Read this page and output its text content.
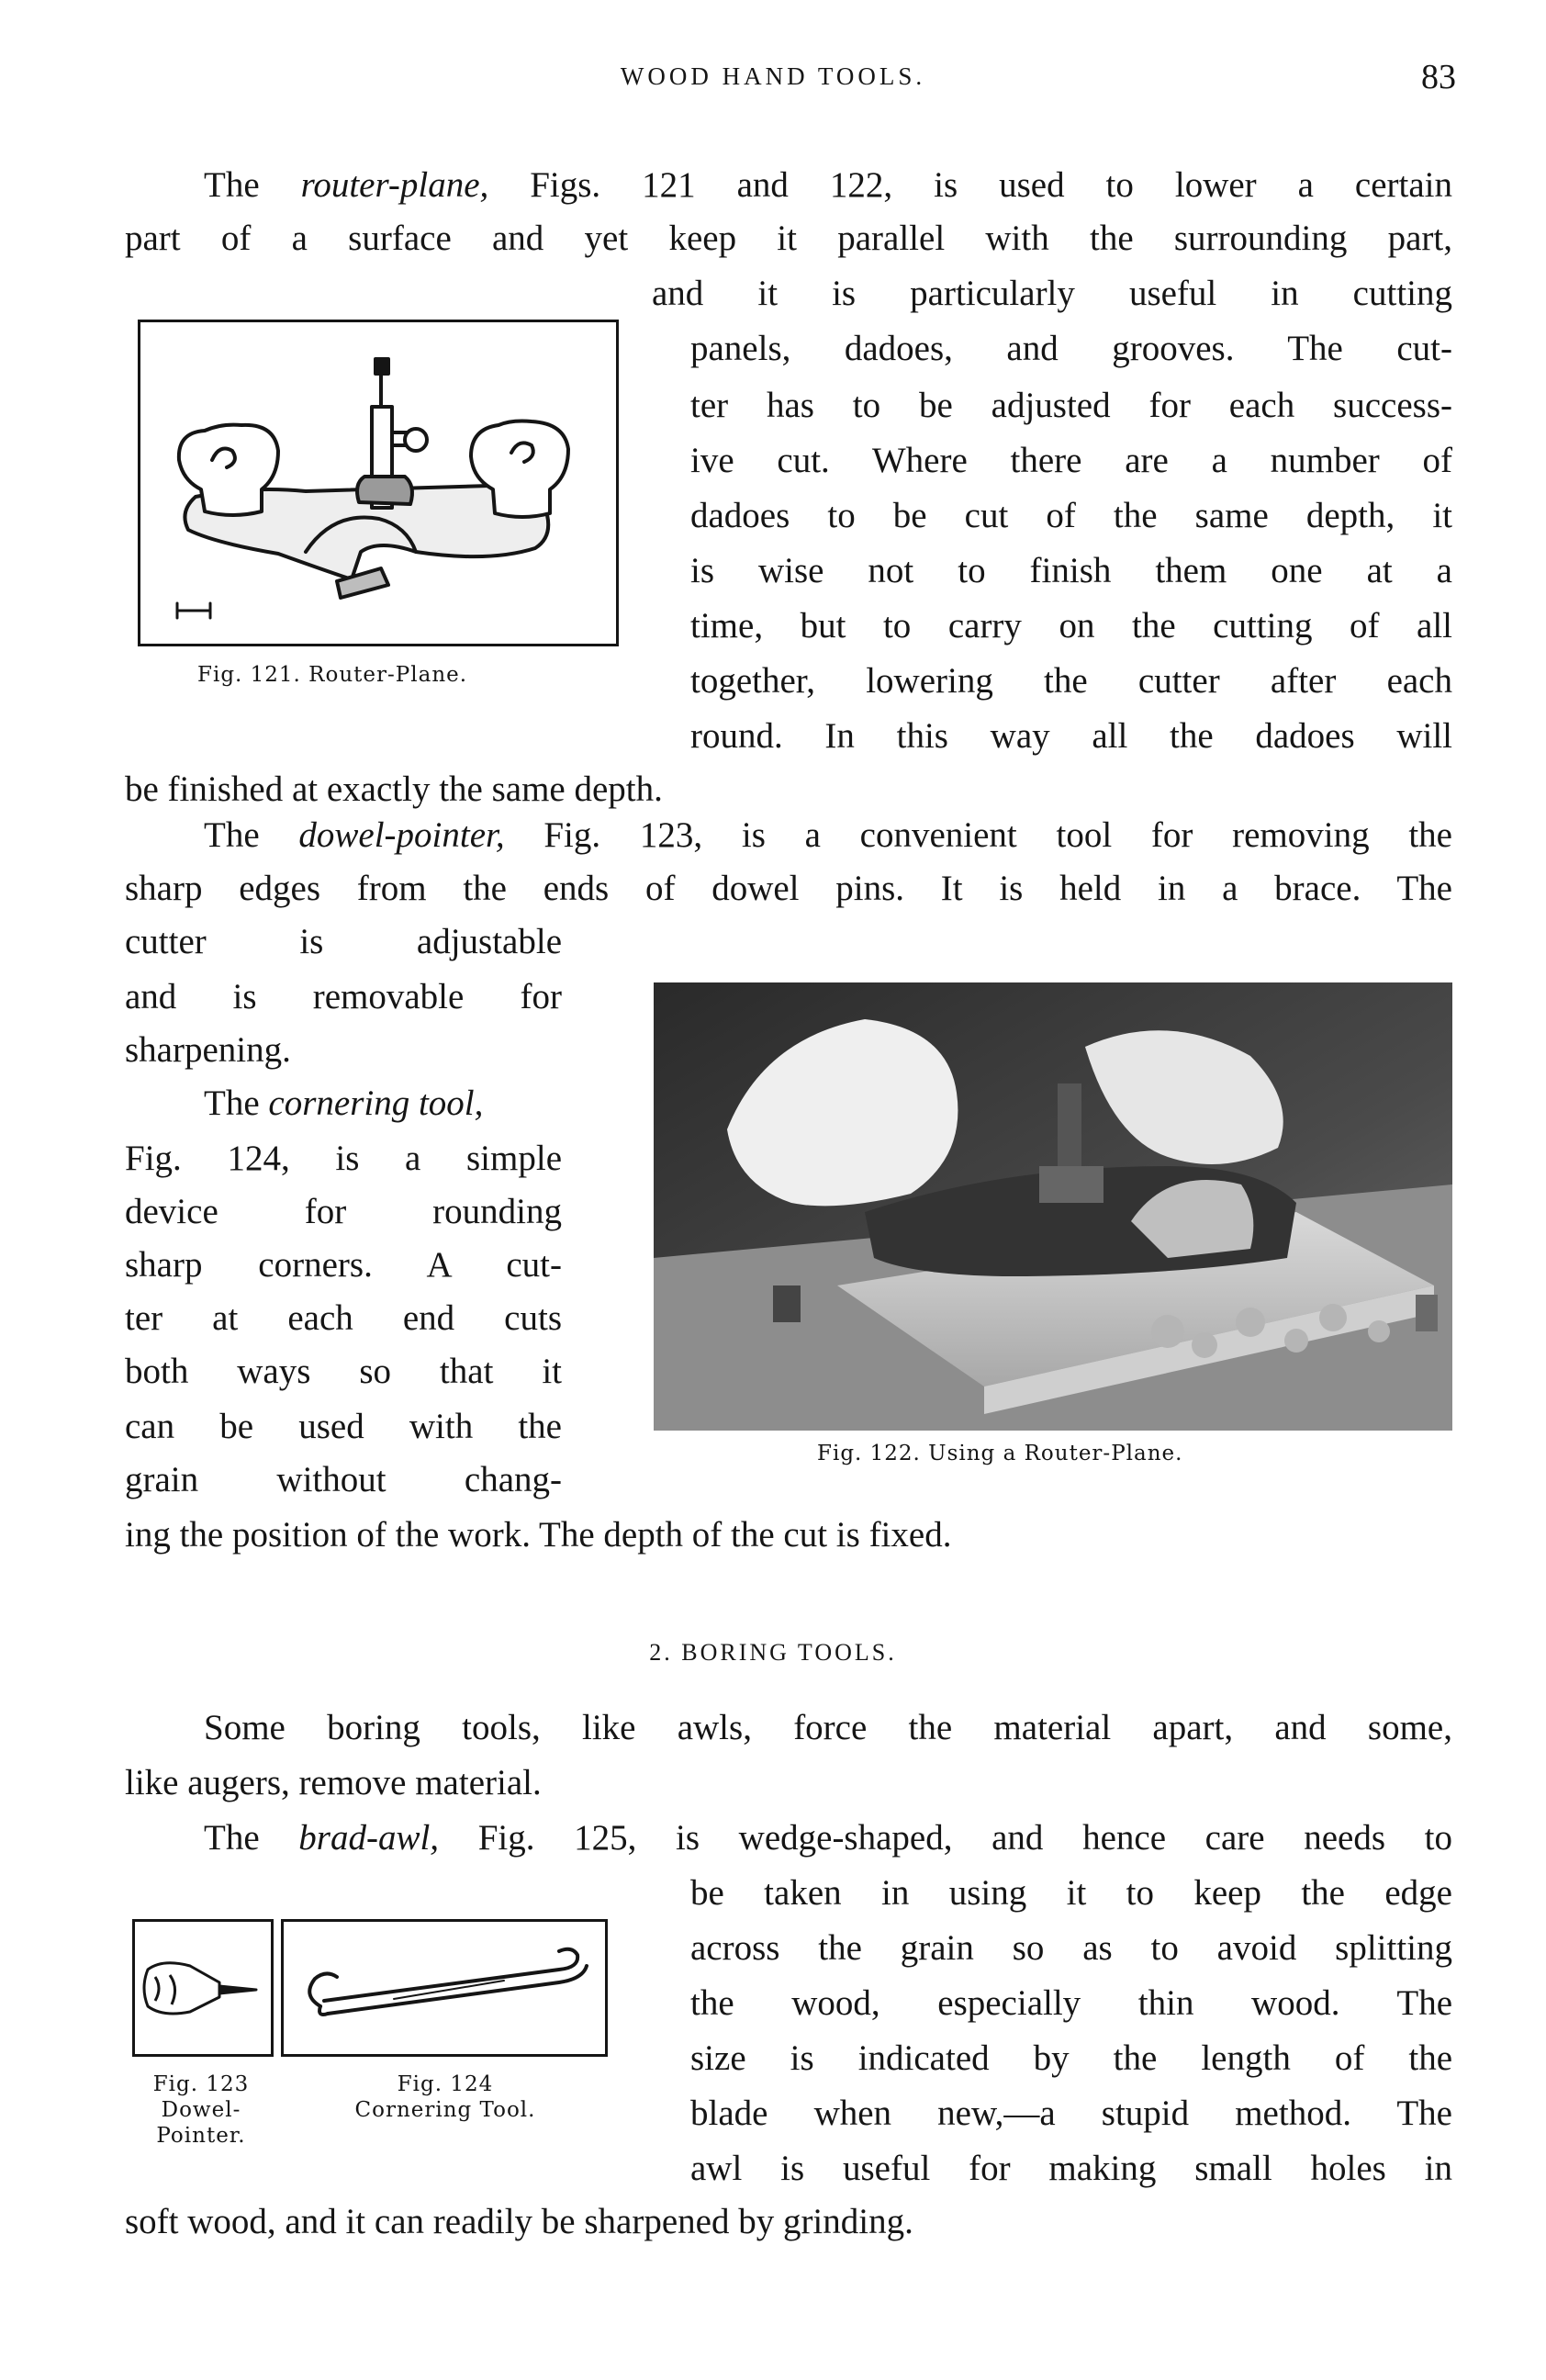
WOOD HAND TOOLS.	83
The router-plane, Figs. 121 and 122, is used to lower a certain
part of a surface and yet keep it parallel with the surrounding part,
and it is particularly useful in cutting
panels, dadoes, and grooves. The cut-
ter has to be adjusted for each success-
ive cut. Where there are a number of
dadoes to be cut of the same depth, it
is wise not to finish them one at a
time, but to carry on the cutting of all
together, lowering the cutter after each
round. In this way all the dadoes will
be finished at exactly the same depth.
Fig. 121. Router-Plane.
The dowel-pointer, Fig. 123, is a convenient tool for removing the
sharp edges from the ends of dowel pins. It is held in a brace. The
cutter is adjustable
and is removable for
sharpening.
The cornering tool,
Fig. 124, is a simple
device for rounding
sharp corners. A cut-
ter at each end cuts
both ways so that it
can be used with the
grain without chang-
ing the position of the work. The depth of the cut is fixed.
Fig. 122. Using a Router-Plane.
2. BORING TOOLS.
Some boring tools, like awls, force the material apart, and some,
like augers, remove material.
The brad-awl, Fig. 125, is wedge-shaped, and hence care needs to
be taken in using it to keep the edge
across the grain so as to avoid splitting
the wood, especially thin wood. The
size is indicated by the length of the
blade when new,—a stupid method. The
awl is useful for making small holes in
soft wood, and it can readily be sharpened by grinding.
Fig. 123
Dowel-
Pointer.
Fig. 124
Cornering Tool.
